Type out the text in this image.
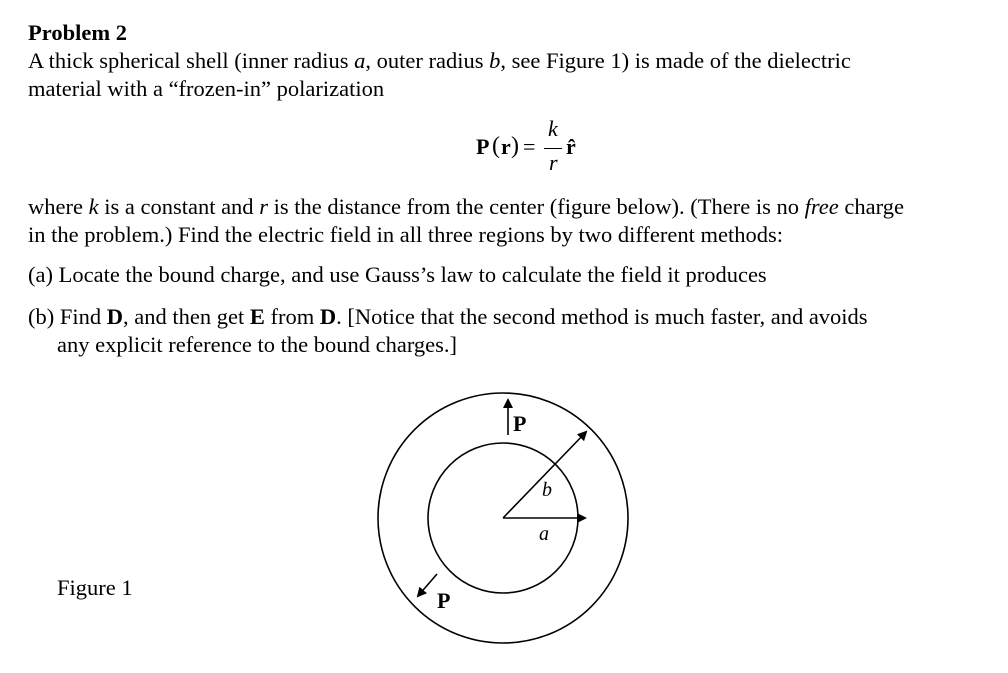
Problem 2
A thick spherical shell (inner radius a, outer radius b, see Figure 1) is made of the dielectric
material with a “frozen-in” polarization
P ( r ) =
k
r
r̂
where k is a constant and r is the distance from the center (figure below). (There is no free charge
in the problem.) Find the electric field in all three regions by two different methods:
(a) Locate the bound charge, and use Gauss’s law to calculate the field it produces
(b) Find D, and then get E from D. [Notice that the second method is much faster, and avoids
any explicit reference to the bound charges.]
Figure 1
P
P
b
a
